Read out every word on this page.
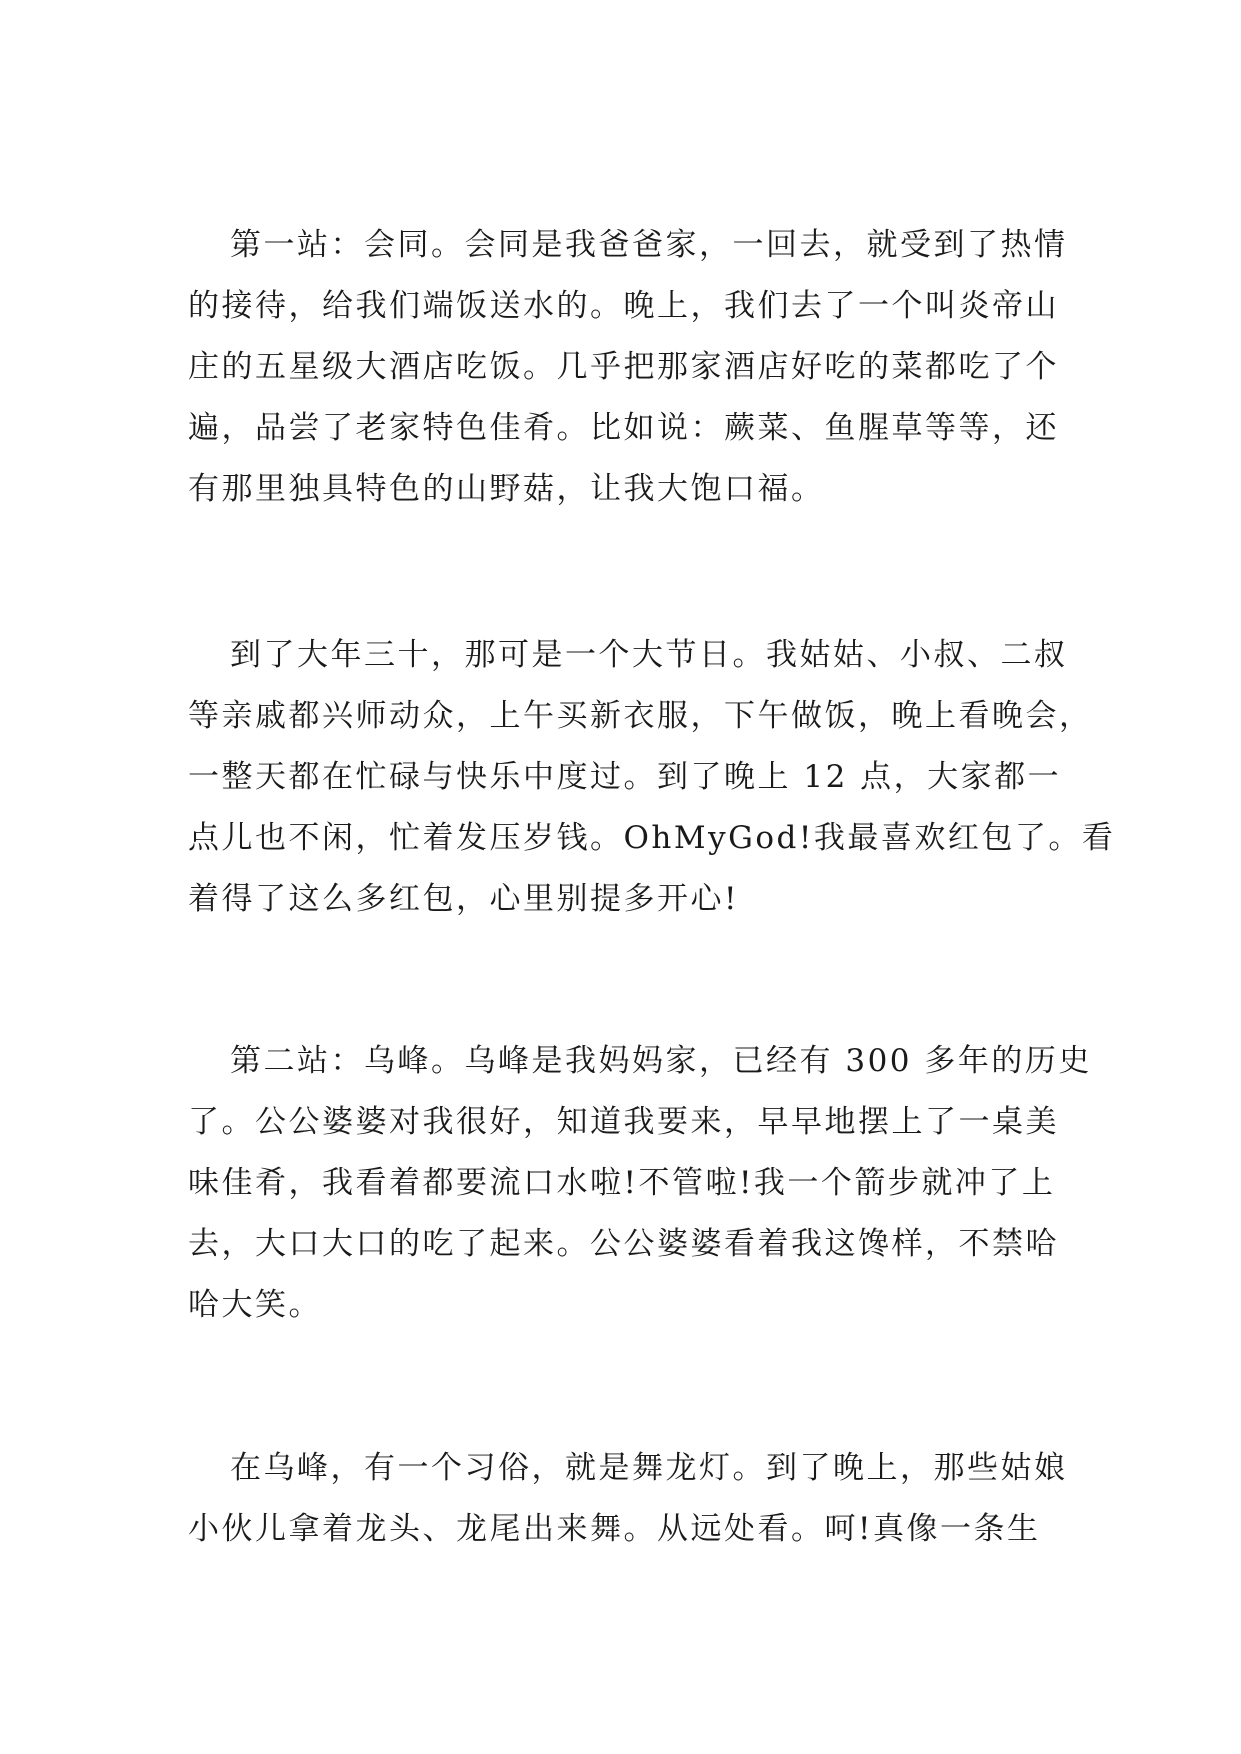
第一站：会同。会同是我爸爸家，一回去，就受到了热情
的接待，给我们端饭送水的。晚上，我们去了一个叫炎帝山
庄的五星级大酒店吃饭。几乎把那家酒店好吃的菜都吃了个
遍，品尝了老家特色佳肴。比如说：蕨菜、鱼腥草等等，还
有那里独具特色的山野菇，让我大饱口福。
到了大年三十，那可是一个大节日。我姑姑、小叔、二叔
等亲戚都兴师动众，上午买新衣服，下午做饭，晚上看晚会，
一整天都在忙碌与快乐中度过。到了晚上 12 点，大家都一
点儿也不闲，忙着发压岁钱。OhMyGod!我最喜欢红包了。看
着得了这么多红包，心里别提多开心!
第二站：乌峰。乌峰是我妈妈家，已经有 300 多年的历史
了。公公婆婆对我很好，知道我要来，早早地摆上了一桌美
味佳肴，我看着都要流口水啦!不管啦!我一个箭步就冲了上
去，大口大口的吃了起来。公公婆婆看着我这馋样，不禁哈
哈大笑。
在乌峰，有一个习俗，就是舞龙灯。到了晚上，那些姑娘
小伙儿拿着龙头、龙尾出来舞。从远处看。呵!真像一条生
